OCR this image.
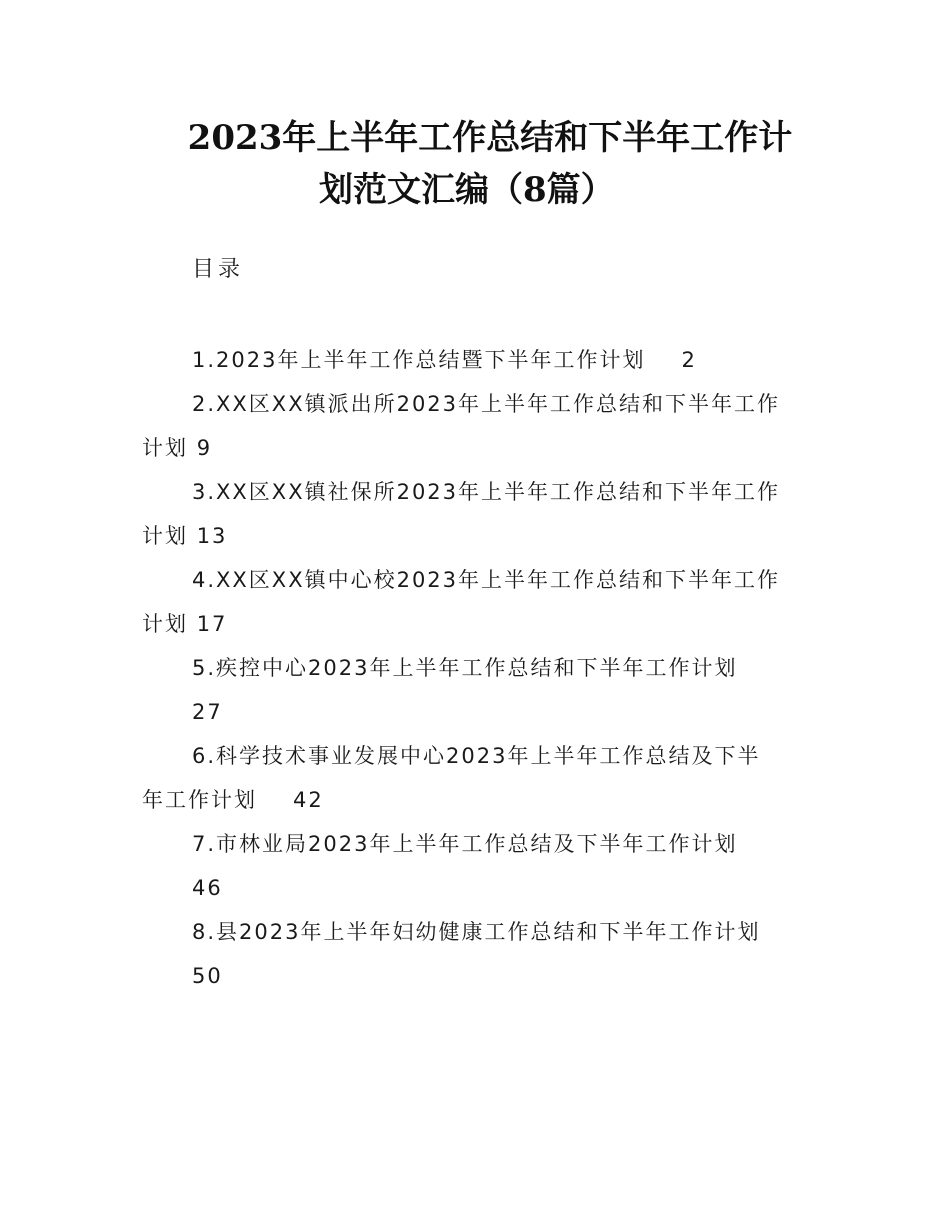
2023年上半年工作总结和下半年工作计
划范文汇编（8篇）
目录
1.2023年上半年工作总结暨下半年工作计划 2
2.XX区XX镇派出所2023年上半年工作总结和下半年工作
计划 9
3.XX区XX镇社保所2023年上半年工作总结和下半年工作
计划 13
4.XX区XX镇中心校2023年上半年工作总结和下半年工作
计划 17
5.疾控中心2023年上半年工作总结和下半年工作计划
27
6.科学技术事业发展中心2023年上半年工作总结及下半
年工作计划 42
7.市林业局2023年上半年工作总结及下半年工作计划
46
8.县2023年上半年妇幼健康工作总结和下半年工作计划
50
